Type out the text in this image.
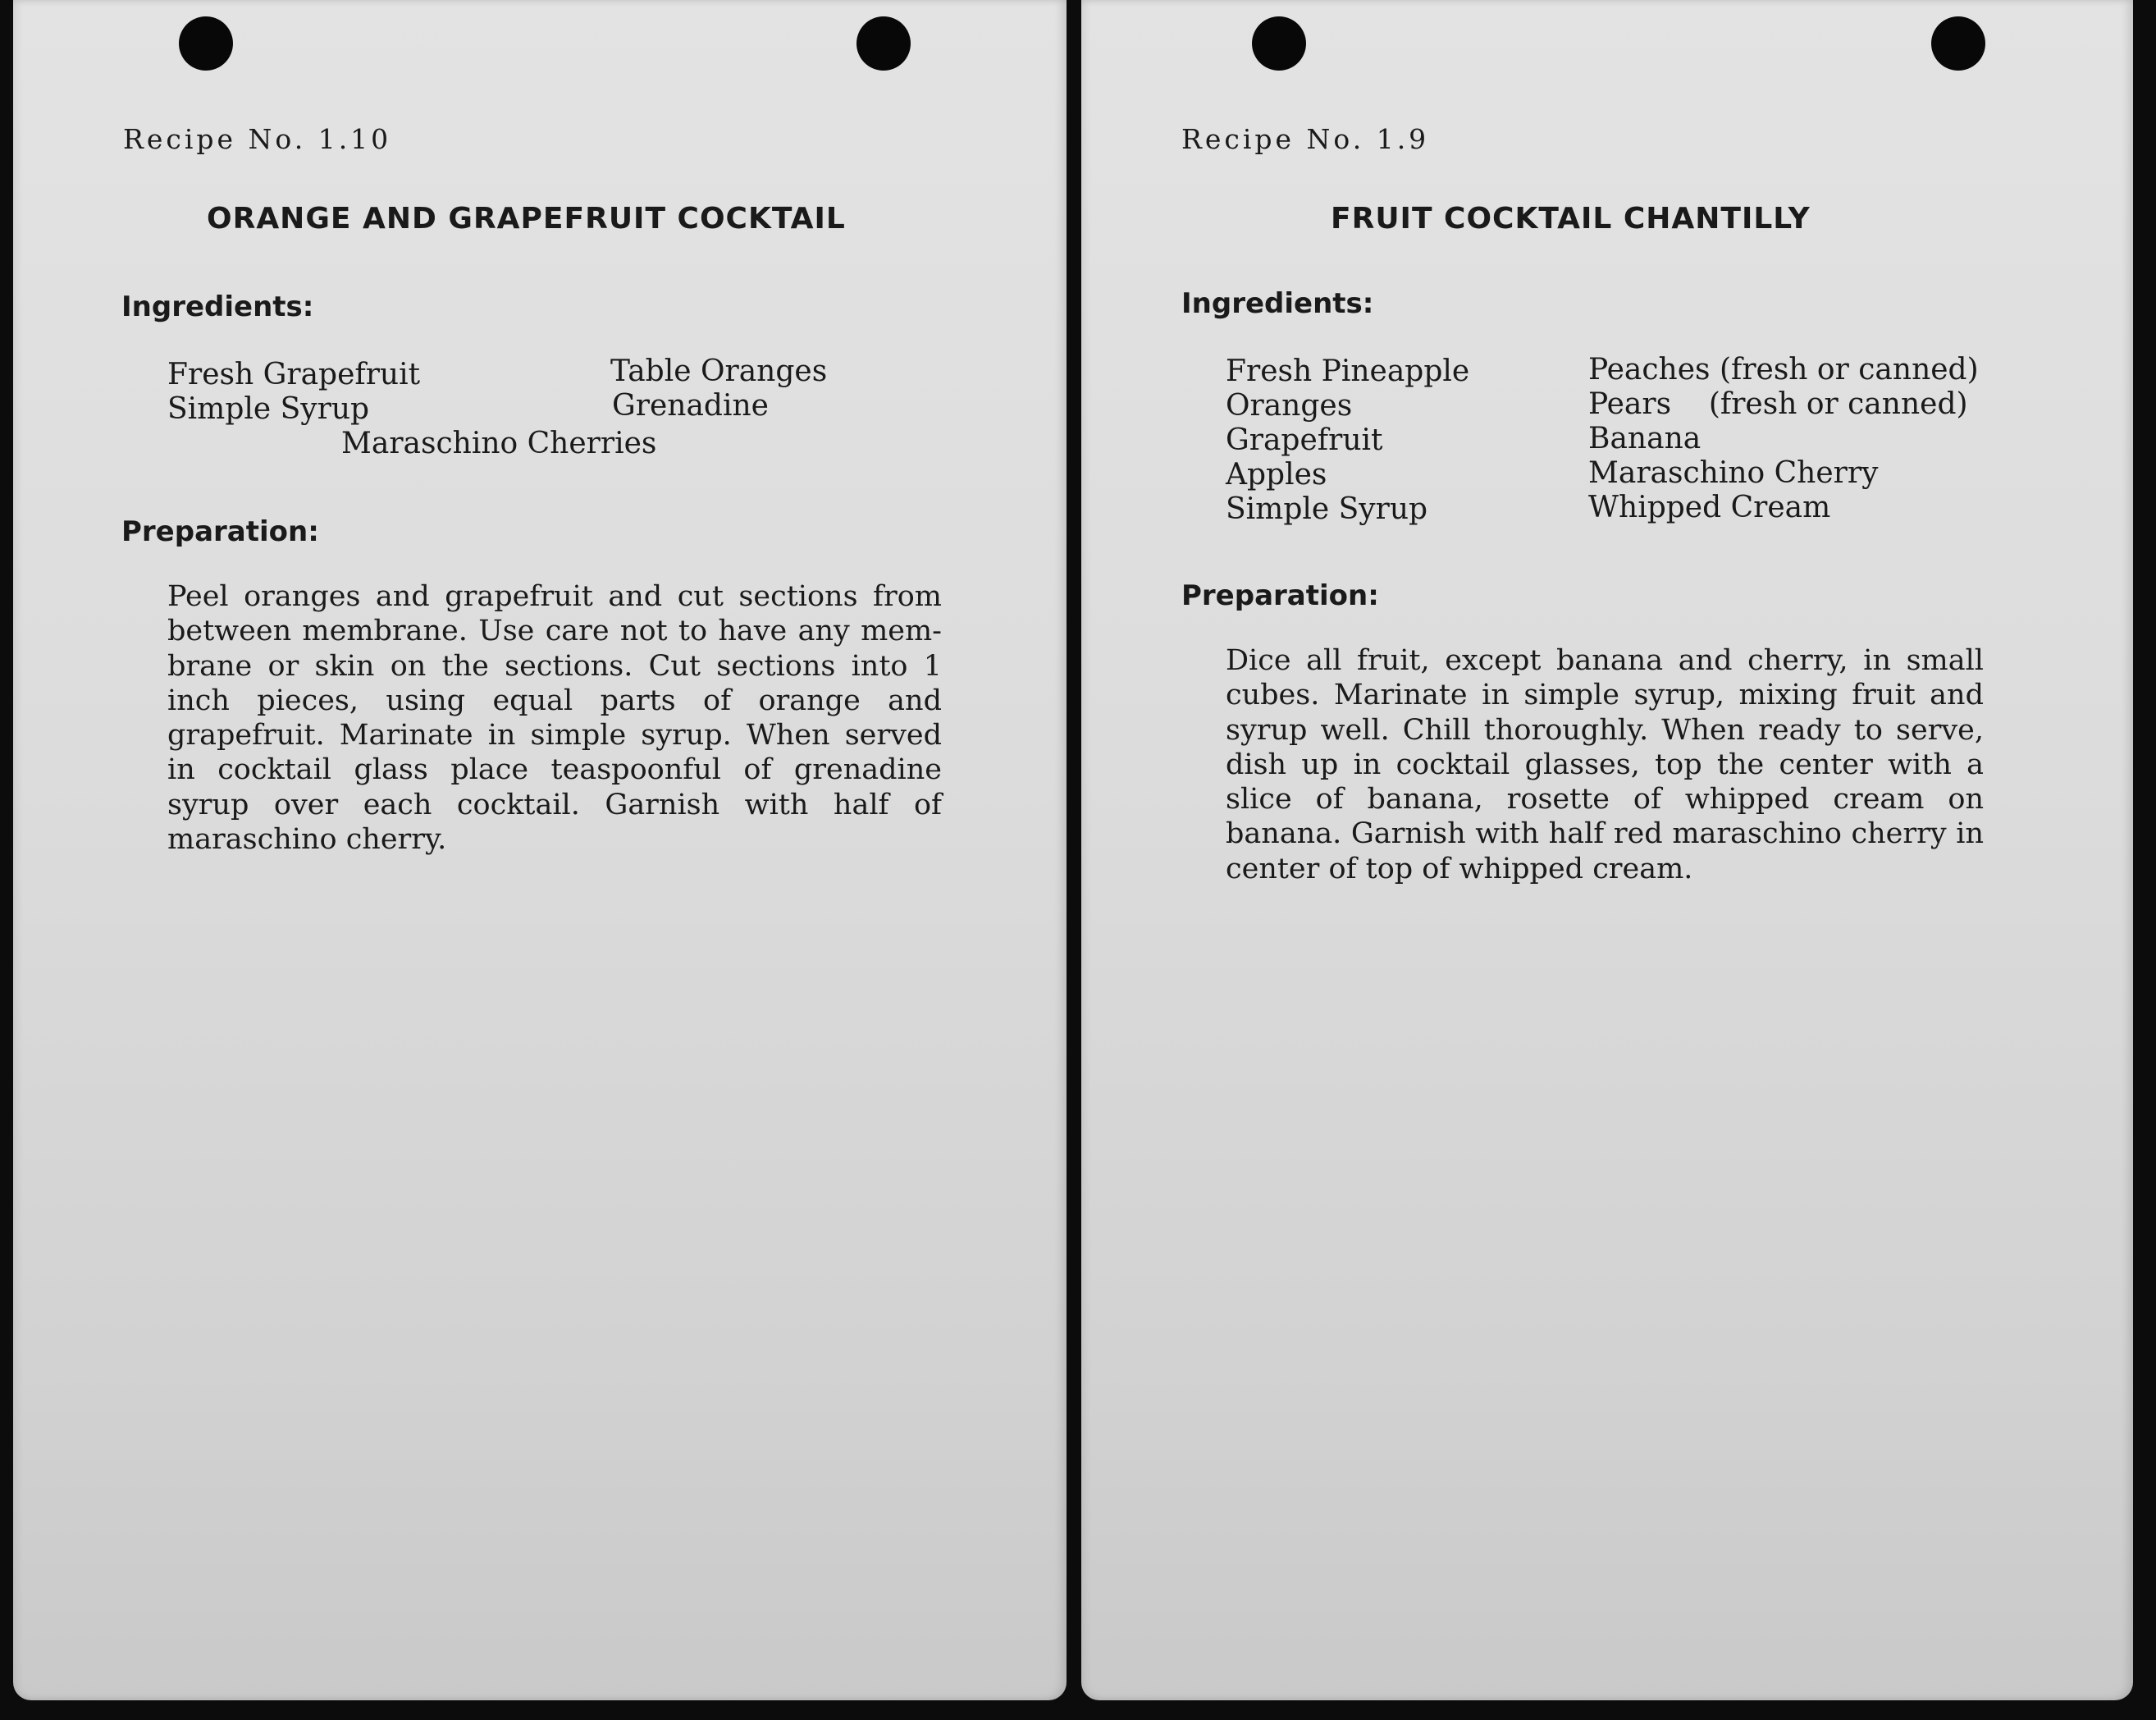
Recipe No. 1.10
ORANGE AND GRAPEFRUIT COCKTAIL
Ingredients:
Fresh Grapefruit	Table Oranges
Simple Syrup	Grenadine
Maraschino Cherries
Preparation:
Peel oranges and grapefruit and cut sections from between membrane. Use care not to have any membrane or skin on the sections. Cut sections into 1 inch pieces, using equal parts of orange and grapefruit. Marinate in simple syrup. When served in cocktail glass place teaspoonful of grenadine syrup over each cocktail. Garnish with half of maraschino cherry.
Recipe No. 1.9
FRUIT COCKTAIL CHANTILLY
Ingredients:
Fresh Pineapple
Oranges
Grapefruit
Apples
Simple Syrup
Peaches (fresh or canned)
Pears    (fresh or canned)
Banana
Maraschino Cherry
Whipped Cream
Preparation:
Dice all fruit, except banana and cherry, in small cubes. Marinate in simple syrup, mixing fruit and syrup well. Chill thoroughly. When ready to serve, dish up in cocktail glasses, top the center with a slice of banana, rosette of whipped cream on banana. Garnish with half red maraschino cherry in center of top of whipped cream.
